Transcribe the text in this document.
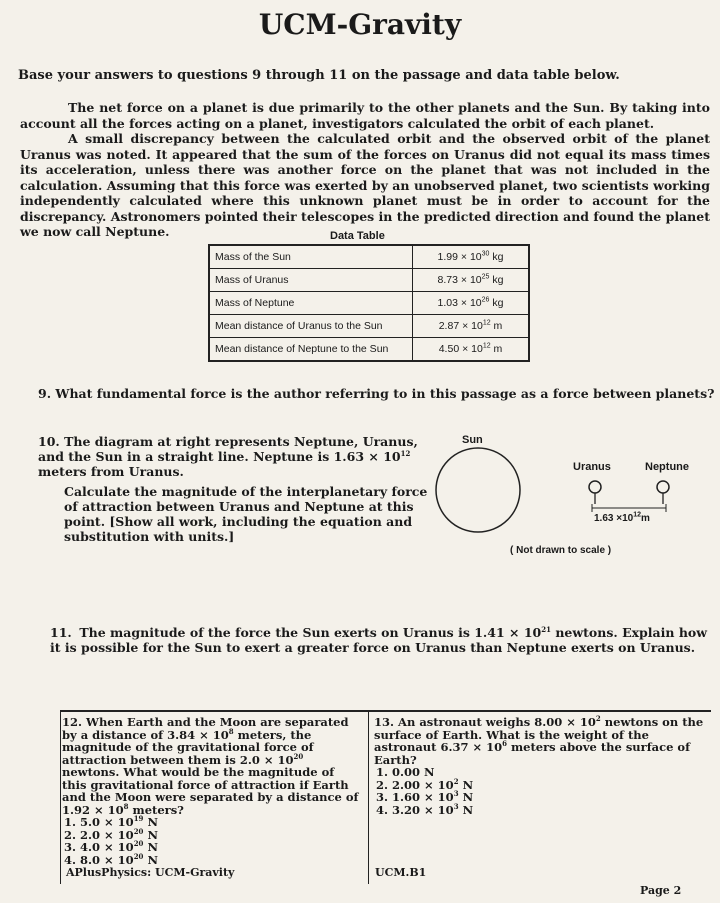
UCM-Gravity
Base your answers to questions 9 through 11 on the passage and data table below.

The net force on a planet is due primarily to the other planets and the Sun. By taking into account all the forces acting on a planet, investigators calculated the orbit of each planet.

A small discrepancy between the calculated orbit and the observed orbit of the planet Uranus was noted. It appeared that the sum of the forces on Uranus did not equal its mass times its acceleration, unless there was another force on the planet that was not included in the calculation. Assuming that this force was exerted by an unobserved planet, two scientists working independently calculated where this unknown planet must be in order to account for the discrepancy. Astronomers pointed their telescopes in the predicted direction and found the planet we now call Neptune.	Data Table
Mass of the Sun	$1.99 \times 10^{30}$ kg
Mass of Uranus	$8.73 \times 10^{25}$ kg
Mass of Neptune	$1.03 \times 10^{26}$ kg
Mean distance of Uranus to the Sun	$2.87 \times 10^{12}$ m
Mean distance of Neptune to the Sun	$4.50 \times 10^{12}$ m
9. What fundamental force is the author referring to in this passage as a force between planets?
10. The diagram at right represents Neptune, Uranus, and the Sun in a straight line. Neptune is $1.63 \times 10^{12}$ meters from Uranus.
Calculate the magnitude of the interplanetary force of attraction between Uranus and Neptune at this point. [Show all work, including the equation and substitution with units.]
Sun
Uranus	Neptune
$1.63 \times 10^{12}m$
( Not drawn to scale )
11. The magnitude of the force the Sun exerts on Uranus is $1.41 \times 10^{21}$ newtons. Explain how it is possible for the Sun to exert a greater force on Uranus than Neptune exerts on Uranus.
12. When Earth and the Moon are separated by a distance of $3.84 \times 10^8$ meters, the magnitude of the gravitational force of attraction between them is $2.0 \times 10^{20}$ newtons. What would be the magnitude of this gravitational force of attraction if Earth and the Moon were separated by a distance of $1.92 \times 10^8$ meters?
1. $5.0 \times 10^{19}$ N
2. $2.0 \times 10^{20}$ N
3. $4.0 \times 10^{20}$ N
4. $8.0 \times 10^{20}$ N
13. An astronaut weighs $8.00 \times 10^2$ newtons on the surface of Earth. What is the weight of the astronaut $6.37 \times 10^6$ meters above the surface of Earth?
1. 0.00 N
2. $2.00 \times 10^2$ N
3. $1.60 \times 10^3$ N
4. $3.20 \times 10^3$ N
APlusPhysics: UCM-Gravity	UCM.B1
Page 2
